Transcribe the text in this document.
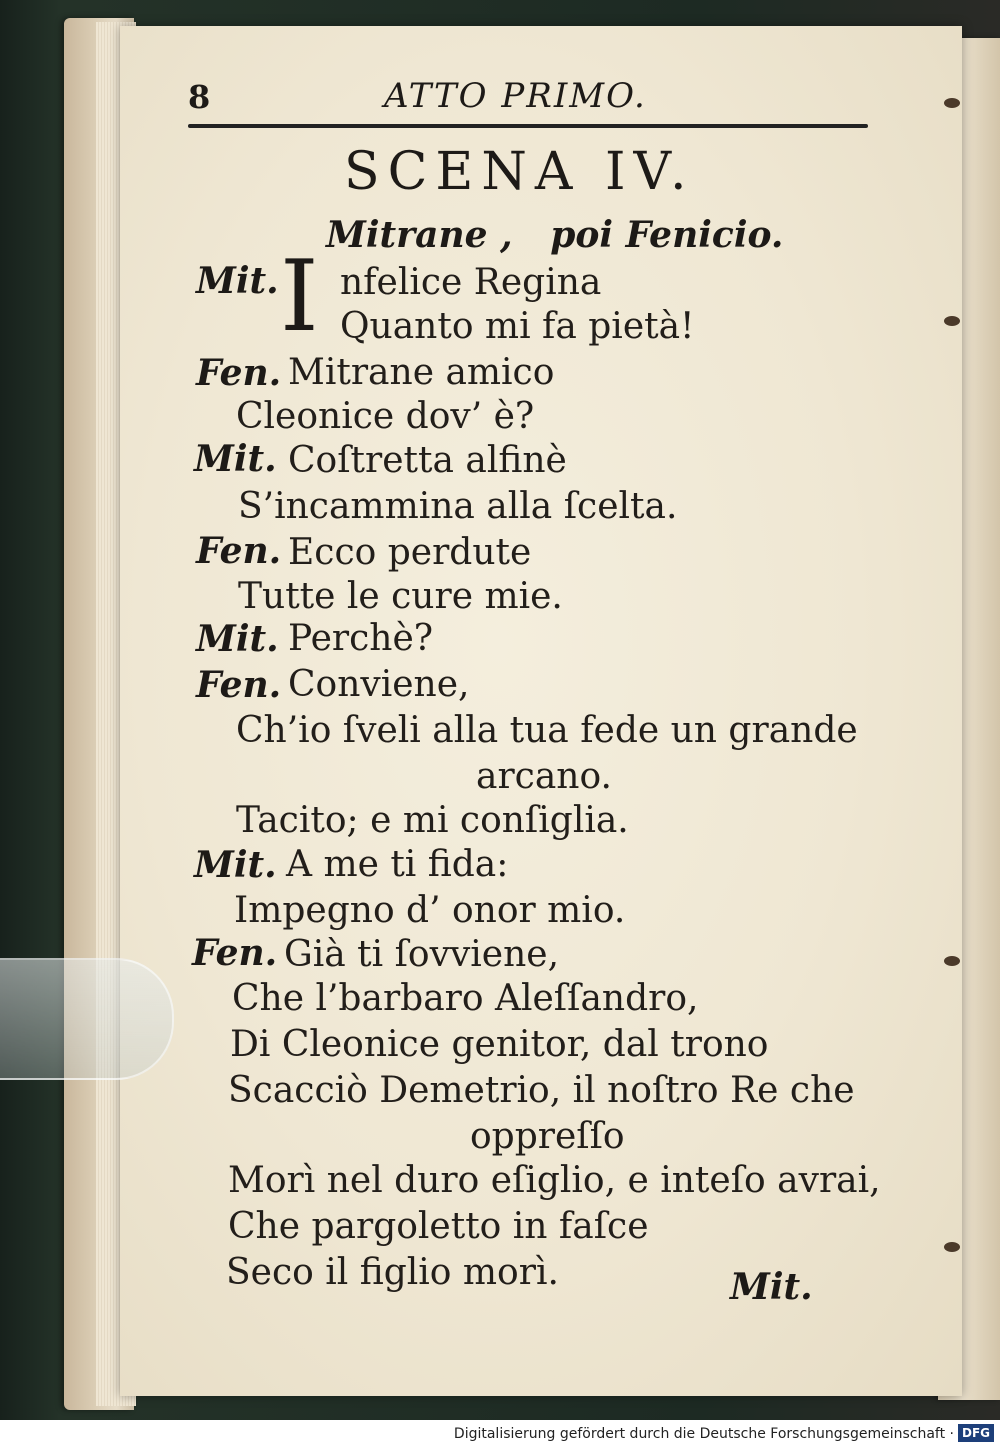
8	ATTO PRIMO.
SCENA IV.
Mitrane ,   poi Fenicio.
I
Mit. nfelice Regina
Quanto mi fa pietà!
Fen. Mitrane amico
Cleonice dov’ è?
Mit. Coſtretta alfinè
S’incammina alla ſcelta.
Fen. Ecco perdute
Tutte le cure mie.
Mit. Perchè?
Fen. Conviene,
Ch’io ſveli alla tua fede un grande
arcano.
Tacito; e mi conſiglia.
Mit. A me ti fida:
Impegno d’ onor mio.
Fen. Già ti ſovviene,
Che l’barbaro Aleſſandro,
Di Cleonice genitor, dal trono
Scacciò Demetrio, il noſtro Re che
oppreſſo
Morì nel duro eſiglio, e inteſo avrai,
Che pargoletto in faſce
Seco il figlio morì.	Mit.
Digitalisierung gefördert durch die Deutsche Forschungsgemeinschaft · DFG
